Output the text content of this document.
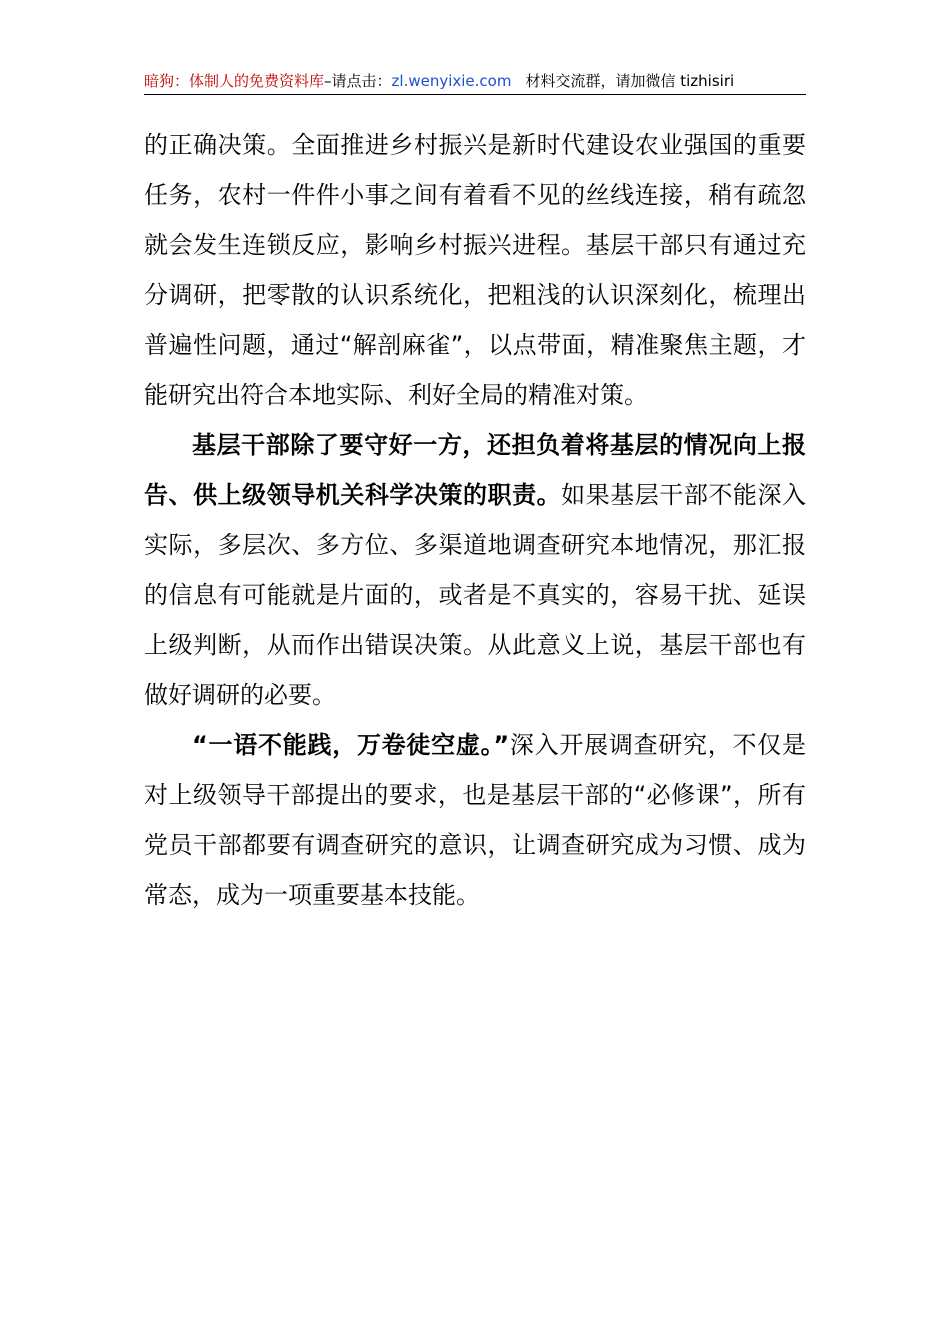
暗狗：体制人的免费资料库–请点击：zl.wenyixie.com 材料交流群，请加微信 tizhisiri

的正确决策。全面推进乡村振兴是新时代建设农业强国的重要任务，农村一件件小事之间有着看不见的丝线连接，稍有疏忽就会发生连锁反应，影响乡村振兴进程。基层干部只有通过充分调研，把零散的认识系统化，把粗浅的认识深刻化，梳理出普遍性问题，通过“解剖麻雀”，以点带面，精准聚焦主题，才能研究出符合本地实际、利好全局的精准对策。

基层干部除了要守好一方，还担负着将基层的情况向上报告、供上级领导机关科学决策的职责。如果基层干部不能深入实际，多层次、多方位、多渠道地调查研究本地情况，那汇报的信息有可能就是片面的，或者是不真实的，容易干扰、延误上级判断，从而作出错误决策。从此意义上说，基层干部也有做好调研的必要。

“一语不能践，万卷徒空虚。”深入开展调查研究，不仅是对上级领导干部提出的要求，也是基层干部的“必修课”，所有党员干部都要有调查研究的意识，让调查研究成为习惯、成为常态，成为一项重要基本技能。
